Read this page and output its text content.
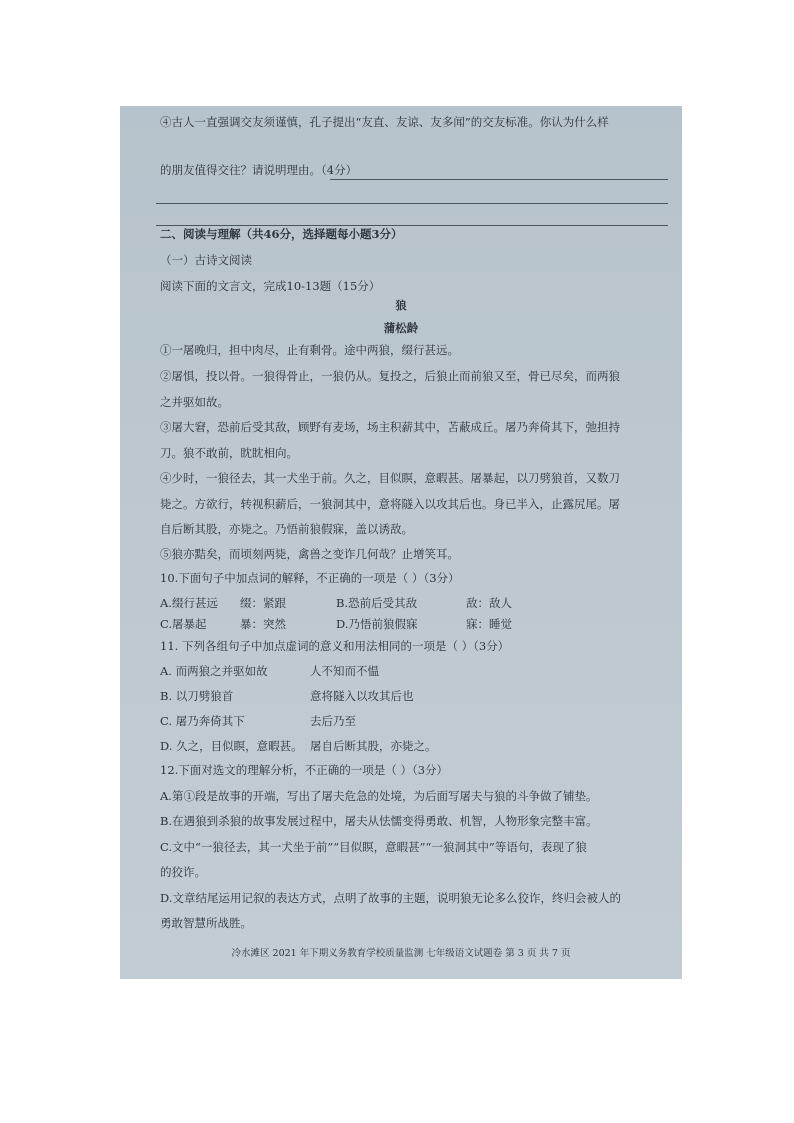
④古人一直强调交友须谨慎，孔子提出“友直、友谅、友多闻”的交友标准。你认为什么样
的朋友值得交往？请说明理由。（4分）
二、阅读与理解（共46分，选择题每小题3分）
（一）古诗文阅读
阅读下面的文言文，完成10-13题（15分）
狼
蒲松龄
①一屠晚归，担中肉尽，止有剩骨。途中两狼，缀行甚远。
②屠惧，投以骨。一狼得骨止，一狼仍从。复投之，后狼止而前狼又至，骨已尽矣，而两狼
之并驱如故。
③屠大窘，恐前后受其敌，顾野有麦场，场主积薪其中，苫蔽成丘。屠乃奔倚其下，弛担持
刀。狼不敢前，眈眈相向。
④少时，一狼径去，其一犬坐于前。久之，目似瞑，意暇甚。屠暴起，以刀劈狼首，又数刀
毙之。方欲行，转视积薪后，一狼洞其中，意将隧入以攻其后也。身已半入，止露尻尾。屠
自后断其股，亦毙之。乃悟前狼假寐，盖以诱敌。
⑤狼亦黠矣，而顷刻两毙，禽兽之变诈几何哉？止增笑耳。
10.下面句子中加点词的解释，不正确的一项是（ ）（3分）
A.缀行甚远 缀：紧跟	B.恐前后受其敌	敌：敌人
C.屠暴起	暴：突然	D.乃悟前狼假寐	寐：睡觉
11. 下列各组句子中加点虚词的意义和用法相同的一项是（ ）（3分）
A. 而两狼之并驱如故	人不知而不愠
B. 以刀劈狼首	意将隧入以攻其后也
C. 屠乃奔倚其下	去后乃至
D. 久之，目似瞑，意暇甚。 屠自后断其股，亦毙之。
12.下面对选文的理解分析，不正确的一项是（ ）（3分）
A.第①段是故事的开端，写出了屠夫危急的处境，为后面写屠夫与狼的斗争做了铺垫。
B.在遇狼到杀狼的故事发展过程中，屠夫从怯懦变得勇敢、机智，人物形象完整丰富。
C.文中“一狼径去，其一犬坐于前”“目似瞑，意暇甚”“一狼洞其中”等语句，表现了狼
的狡诈。
D.文章结尾运用记叙的表达方式，点明了故事的主题，说明狼无论多么狡诈，终归会被人的
勇敢智慧所战胜。
冷水滩区 2021 年下期义务教育学校质量监测 七年级语文试题卷 第 3 页 共 7 页
